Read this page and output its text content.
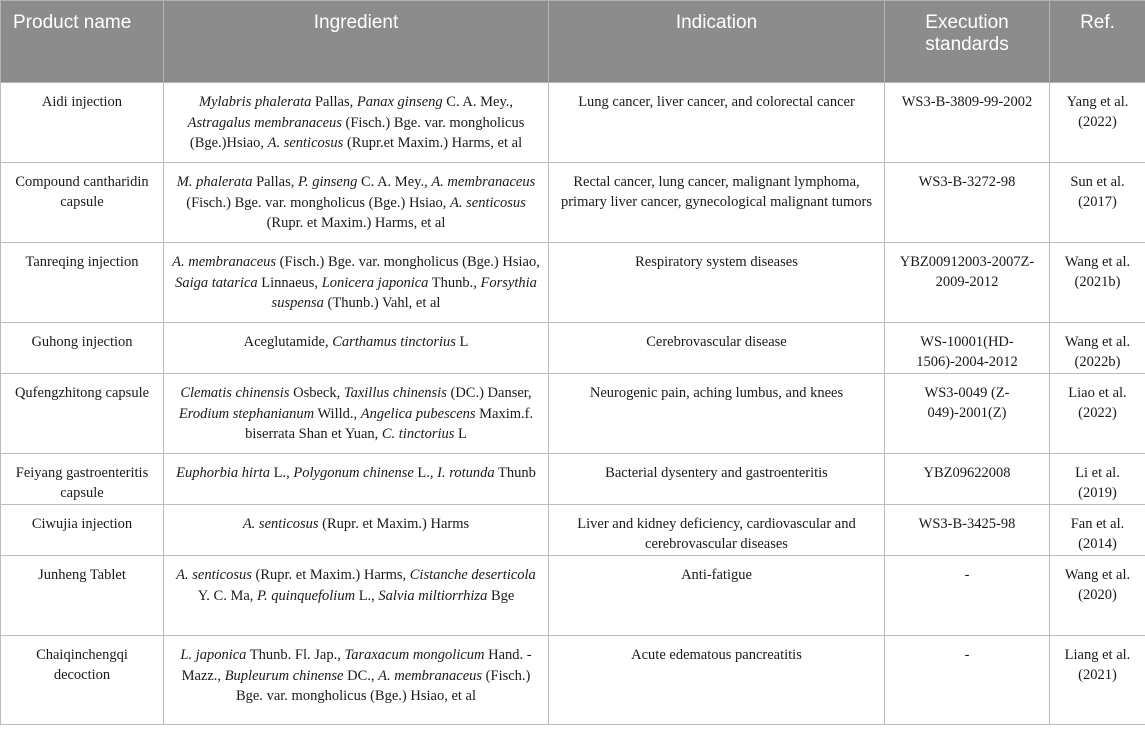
Product name	Ingredient	Indication	Execution standards	Ref.
Aidi injection	Mylabris phalerata Pallas, Panax ginseng C. A. Mey., Astragalus membranaceus (Fisch.) Bge. var. mongholicus (Bge.)Hsiao, A. senticosus (Rupr.et Maxim.) Harms, et al	Lung cancer, liver cancer, and colorectal cancer	WS3-B-3809-99-2002	Yang et al. (2022)
Compound cantharidin capsule	M. phalerata Pallas, P. ginseng C. A. Mey., A. membranaceus (Fisch.) Bge. var. mongholicus (Bge.) Hsiao, A. senticosus (Rupr. et Maxim.) Harms, et al	Rectal cancer, lung cancer, malignant lymphoma, primary liver cancer, gynecological malignant tumors	WS3-B-3272-98	Sun et al. (2017)
Tanreqing injection	A. membranaceus (Fisch.) Bge. var. mongholicus (Bge.) Hsiao, Saiga tatarica Linnaeus, Lonicera japonica Thunb., Forsythia suspensa (Thunb.) Vahl, et al	Respiratory system diseases	YBZ00912003-2007Z-2009-2012	Wang et al. (2021b)
Guhong injection	Aceglutamide, Carthamus tinctorius L	Cerebrovascular disease	WS-10001(HD-1506)-2004-2012	Wang et al. (2022b)
Qufengzhitong capsule	Clematis chinensis Osbeck, Taxillus chinensis (DC.) Danser, Erodium stephanianum Willd., Angelica pubescens Maxim.f. biserrata Shan et Yuan, C. tinctorius L	Neurogenic pain, aching lumbus, and knees	WS3-0049 (Z-049)-2001(Z)	Liao et al. (2022)
Feiyang gastroenteritis capsule	Euphorbia hirta L., Polygonum chinense L., I. rotunda Thunb	Bacterial dysentery and gastroenteritis	YBZ09622008	Li et al. (2019)
Ciwujia injection	A. senticosus (Rupr. et Maxim.) Harms	Liver and kidney deficiency, cardiovascular and cerebrovascular diseases	WS3-B-3425-98	Fan et al. (2014)
Junheng Tablet	A. senticosus (Rupr. et Maxim.) Harms, Cistanche deserticola Y. C. Ma, P. quinquefolium L., Salvia miltiorrhiza Bge	Anti-fatigue	-	Wang et al. (2020)
Chaiqinchengqi decoction	L. japonica Thunb. Fl. Jap., Taraxacum mongolicum Hand. -Mazz., Bupleurum chinense DC., A. membranaceus (Fisch.) Bge. var. mongholicus (Bge.) Hsiao, et al	Acute edematous pancreatitis	-	Liang et al. (2021)
